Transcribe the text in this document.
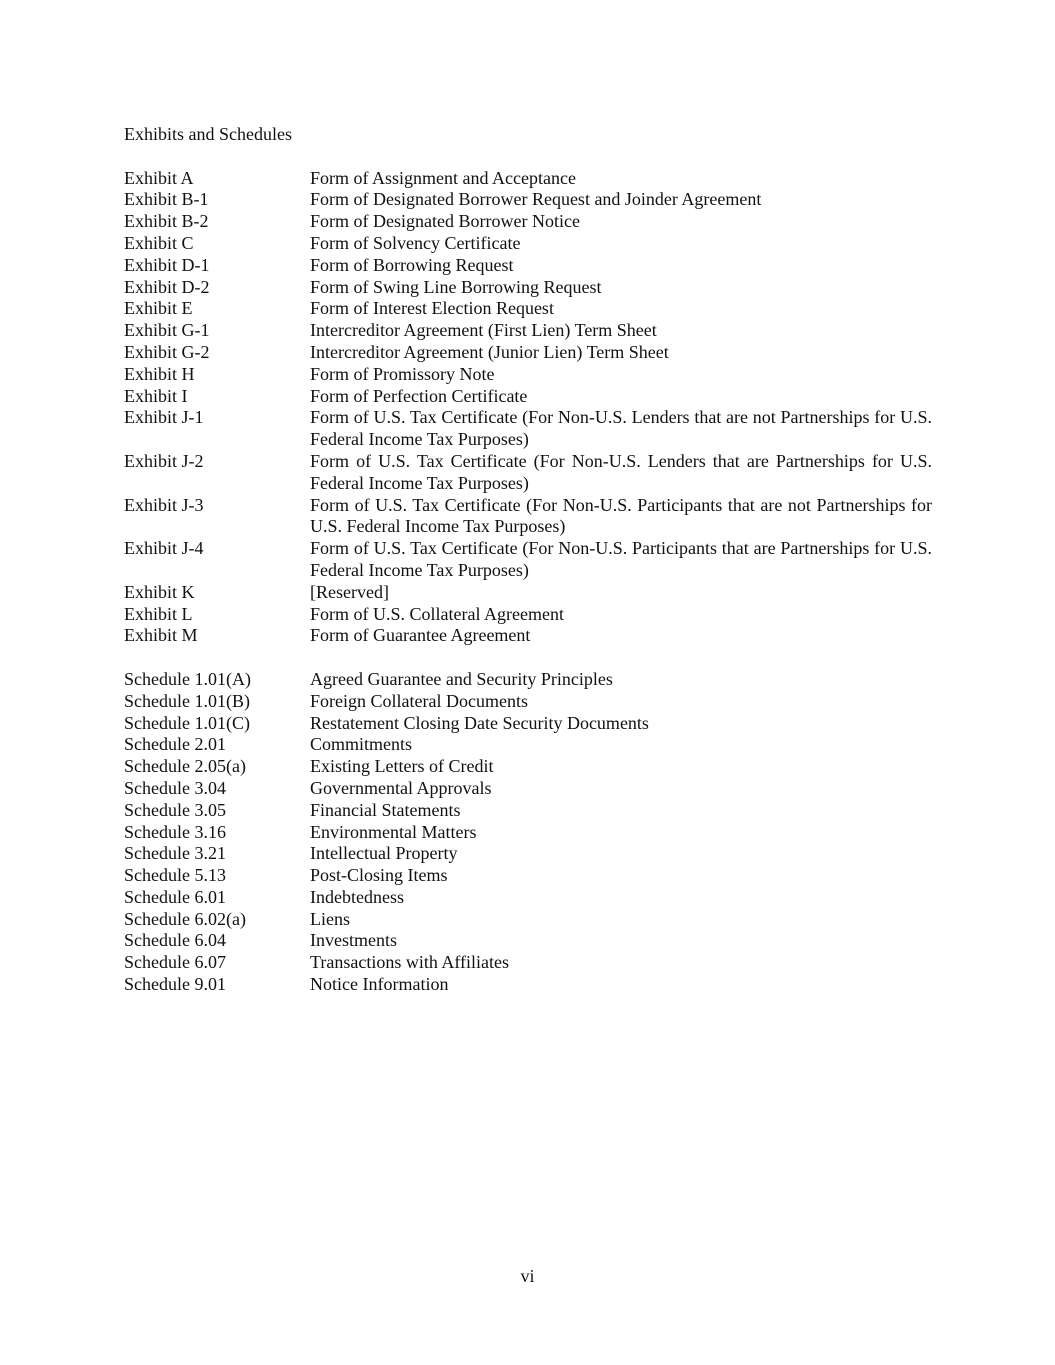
Exhibits and Schedules
Exhibit A	Form of Assignment and Acceptance
Exhibit B-1	Form of Designated Borrower Request and Joinder Agreement
Exhibit B-2	Form of Designated Borrower Notice
Exhibit C	Form of Solvency Certificate
Exhibit D-1	Form of Borrowing Request
Exhibit D-2	Form of Swing Line Borrowing Request
Exhibit E	Form of Interest Election Request
Exhibit G-1	Intercreditor Agreement (First Lien) Term Sheet
Exhibit G-2	Intercreditor Agreement (Junior Lien) Term Sheet
Exhibit H	Form of Promissory Note
Exhibit I	Form of Perfection Certificate
Exhibit J-1	Form of U.S. Tax Certificate (For Non-U.S. Lenders that are not Partnerships for U.S. Federal Income Tax Purposes)
Exhibit J-2	Form of U.S. Tax Certificate (For Non-U.S. Lenders that are Partnerships for U.S. Federal Income Tax Purposes)
Exhibit J-3	Form of U.S. Tax Certificate (For Non-U.S. Participants that are not Partnerships for U.S. Federal Income Tax Purposes)
Exhibit J-4	Form of U.S. Tax Certificate (For Non-U.S. Participants that are Partnerships for U.S. Federal Income Tax Purposes)
Exhibit K	[Reserved]
Exhibit L	Form of U.S. Collateral Agreement
Exhibit M	Form of Guarantee Agreement
Schedule 1.01(A)	Agreed Guarantee and Security Principles
Schedule 1.01(B)	Foreign Collateral Documents
Schedule 1.01(C)	Restatement Closing Date Security Documents
Schedule 2.01	Commitments
Schedule 2.05(a)	Existing Letters of Credit
Schedule 3.04	Governmental Approvals
Schedule 3.05	Financial Statements
Schedule 3.16	Environmental Matters
Schedule 3.21	Intellectual Property
Schedule 5.13	Post-Closing Items
Schedule 6.01	Indebtedness
Schedule 6.02(a)	Liens
Schedule 6.04	Investments
Schedule 6.07	Transactions with Affiliates
Schedule 9.01	Notice Information
vi
